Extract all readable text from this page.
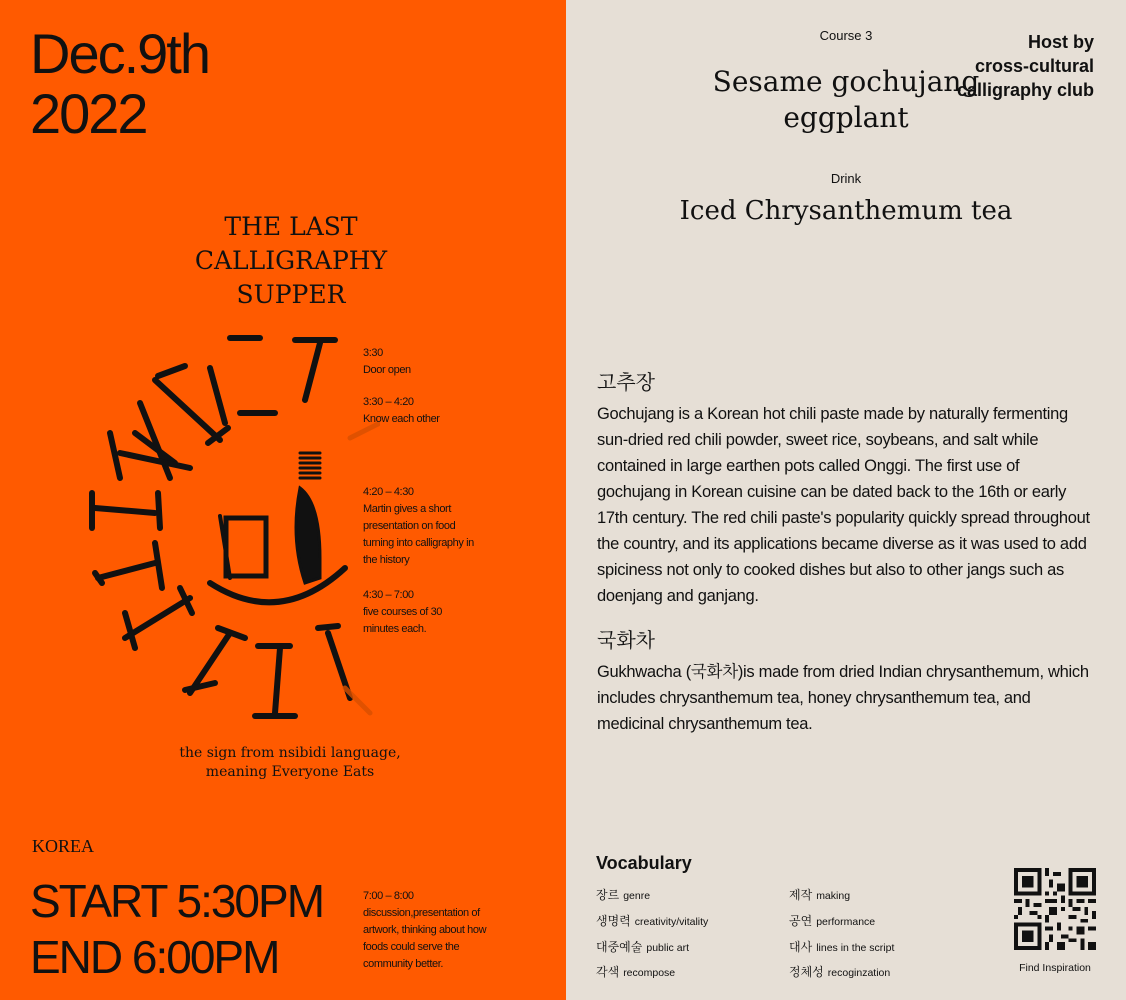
Dec.9th
2022
Host by
cross-cultural
calligraphy club
THE LAST
CALLIGRAPHY
SUPPER
3:30
Door open
3:30 – 4:20
Know each other
4:20 – 4:30
Martin gives a short presentation on food turning into calligraphy in the history
4:30 – 7:00
five courses of 30 minutes each.
7:00 – 8:00
discussion,presentation of artwork, thinking about how foods could serve the community better.
the sign from nsibidi language,
meaning Everyone Eats
KOREA
START 5:30PM
END 6:00PM
Course 3
Sesame gochujang
eggplant
Drink
Iced Chrysanthemum tea
고추장
Gochujang is a Korean hot chili paste made by naturally fermenting sun-dried red chili powder, sweet rice, soybeans, and salt while contained in large earthen pots called Onggi. The first use of gochujang in Korean cuisine can be dated back to the 16th or early 17th century. The red chili paste's popularity quickly spread throughout the country, and its applications became diverse as it was used to add spiciness not only to cooked dishes but also to other jangs such as doenjang and ganjang.
국화차
Gukhwacha (국화차)is made from dried Indian chrysanthemum, which includes chrysanthemum tea, honey chrysanthemum tea, and medicinal chrysanthemum tea.
Vocabulary
장르 genre
생명력 creativity/vitality
대중예술 public art
각색 recompose
제작 making
공연 performance
대사 lines in the script
정체성 recoginzation	Find Inspiration
